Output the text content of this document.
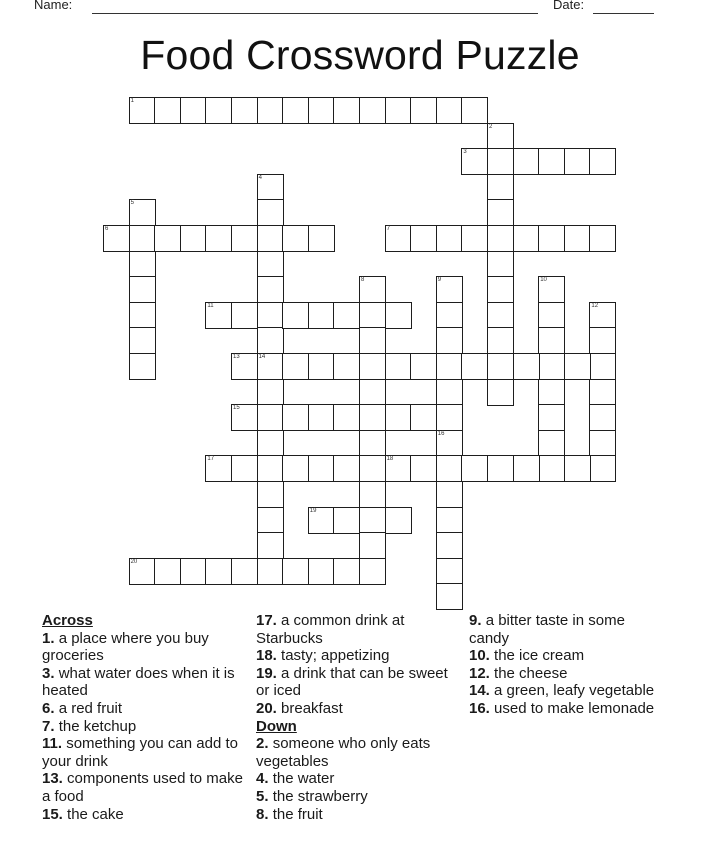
Name:	Date:
Food Crossword Puzzle
1
2
3
4
14
5
6	7
8	9	10
11	12
13
15
16
17	18
19
20

Across

1. a place where you buy groceries

3. what water does when it is heated

6. a red fruit

7. the ketchup

11. something you can add to your drink

13. components used to make a food

15. the cake

17. a common drink at Starbucks

18. tasty; appetizing

19. a drink that can be sweet or iced

20. breakfast

Down

2. someone who only eats vegetables

4. the water

5. the strawberry

8. the fruit

9. a bitter taste in some candy

10. the ice cream

12. the cheese

14. a green, leafy vegetable

16. used to make lemonade
